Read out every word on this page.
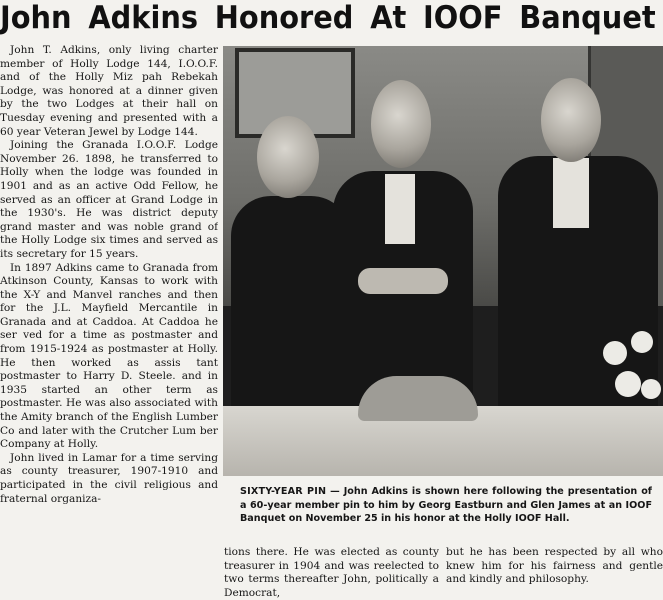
John Adkins Honored At IOOF Banquet

John T. Adkins, only living charter member of Holly Lodge 144, I.O.O.F. and of the Holly Miz pah Rebekah Lodge, was honored at a dinner given by the two Lodges at their hall on Tuesday evening and presented with a 60 year Veteran Jewel by Lodge 144.

Joining the Granada I.O.O.F. Lodge November 26. 1898, he transferred to Holly when the lodge was founded in 1901 and as an active Odd Fellow, he served as an officer at Grand Lodge in the 1930's. He was district deputy grand master and was noble grand of the Holly Lodge six times and served as its secretary for 15 years.

In 1897 Adkins came to Granada from Atkinson County, Kansas to work with the X-Y and Manvel ranches and then for the J.L. Mayfield Mercantile in Granada and at Caddoa. At Caddoa he ser ved for a time as postmaster and from 1915-1924 as postmaster at Holly. He then worked as assis tant postmaster to Harry D. Steele. and in 1935 started an other term as postmaster. He was also associated with the Amity branch of the English Lumber Co and later with the Crutcher Lum ber Company at Holly.

John lived in Lamar for a time serving as county treasurer, 1907-1910 and participated in the civil religious and fraternal organiza-

SIXTY-YEAR PIN — John Adkins is shown here following the presentation of a 60-year member pin to him by Georg Eastburn and Glen James at an IOOF Banquet on November 25 in his honor at the Holly IOOF Hall.

tions there. He was elected as county treasurer in 1904 and was reelected to two terms thereafter John, politically a Democrat,

but he has been respected by all who knew him for his fairness and gentle and kindly and philosophy.
